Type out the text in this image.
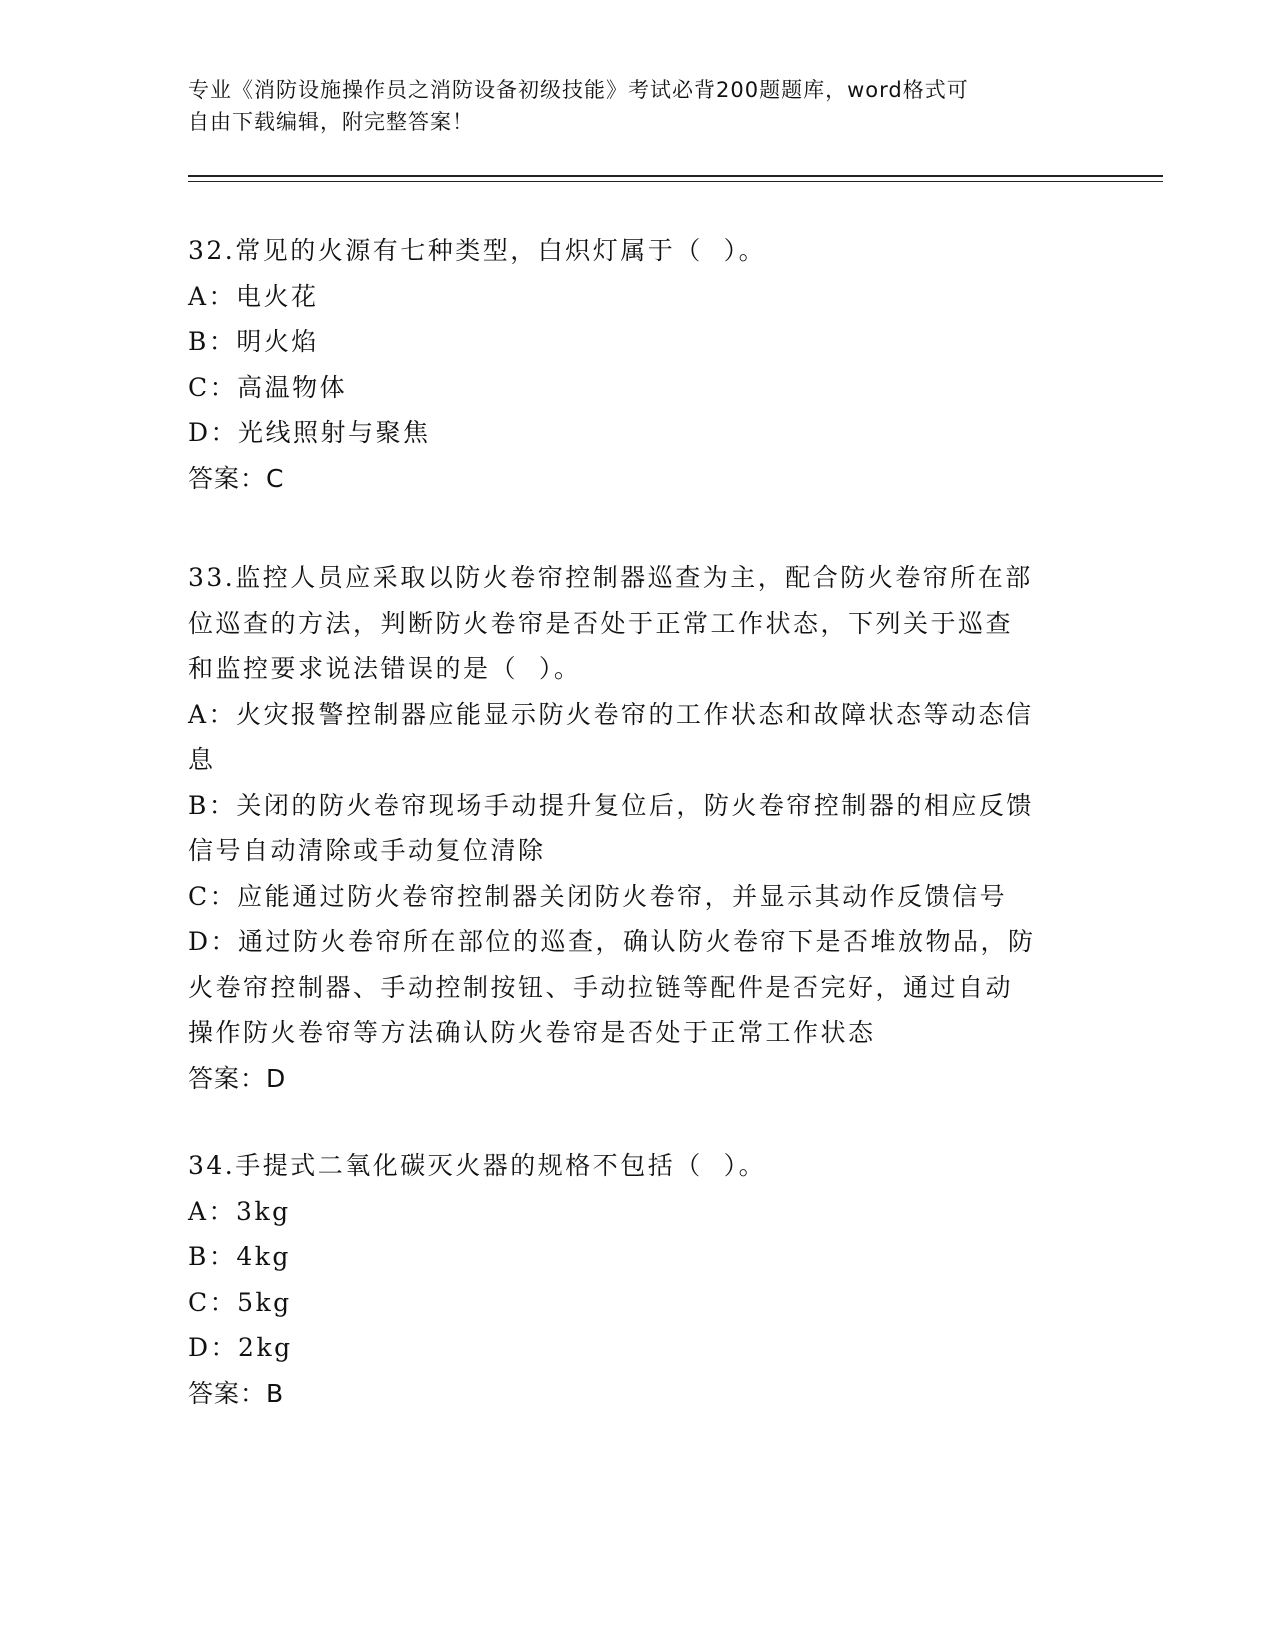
专业《消防设施操作员之消防设备初级技能》考试必背200题题库，word格式可
自由下载编辑，附完整答案！
32.常见的火源有七种类型，白炽灯属于（  ）。
A：电火花
B：明火焰
C：高温物体
D：光线照射与聚焦
答案：C
33.监控人员应采取以防火卷帘控制器巡查为主，配合防火卷帘所在部
位巡查的方法，判断防火卷帘是否处于正常工作状态，下列关于巡查
和监控要求说法错误的是（  ）。
A：火灾报警控制器应能显示防火卷帘的工作状态和故障状态等动态信
息
B：关闭的防火卷帘现场手动提升复位后，防火卷帘控制器的相应反馈
信号自动清除或手动复位清除
C：应能通过防火卷帘控制器关闭防火卷帘，并显示其动作反馈信号
D：通过防火卷帘所在部位的巡查，确认防火卷帘下是否堆放物品，防
火卷帘控制器、手动控制按钮、手动拉链等配件是否完好，通过自动
操作防火卷帘等方法确认防火卷帘是否处于正常工作状态
答案：D
34.手提式二氧化碳灭火器的规格不包括（  ）。
A：3kg
B：4kg
C：5kg
D：2kg
答案：B
